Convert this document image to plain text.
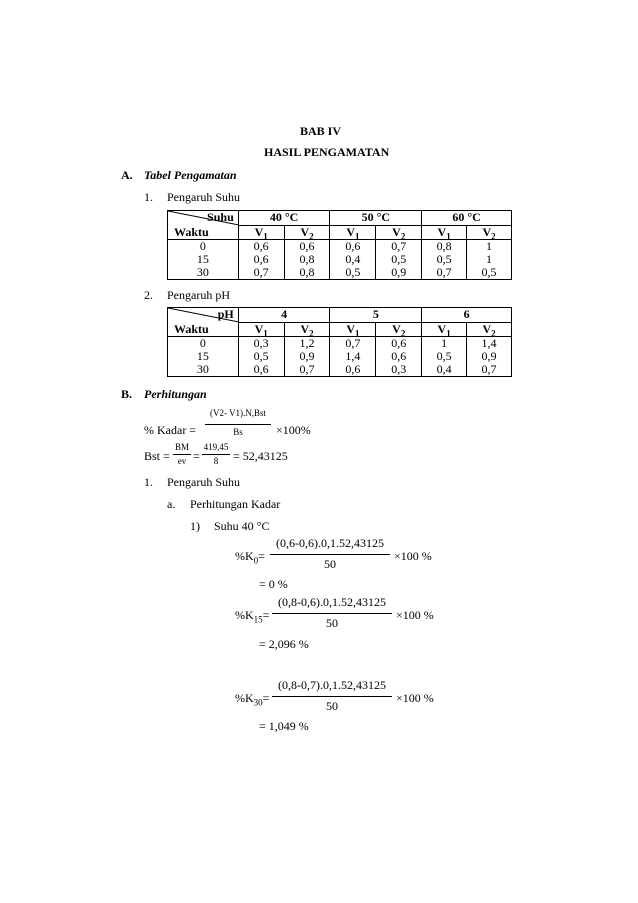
BAB IV
HASIL PENGAMATAN
A. Tabel Pengamatan
1. Pengaruh Suhu
Suhu
Waktu	40 °C		50 °C		60 °C	
	$V_1$	$V_2$	$V_1$	$V_2$	$V_1$	$V_2$
0	0,6	0,6	0,6	0,7	0,8	1
15	0,6	0,8	0,4	0,5	0,5	1
30	0,7	0,8	0,5	0,9	0,7	0,5
2. Pengaruh pH
pH
Waktu	4		5		6	
	$V_1$	$V_2$	$V_1$	$V_2$	$V_1$	$V_2$
0	0,3	1,2	0,7	0,6	1	1,4
15	0,5	0,9	1,4	0,6	0,5	0,9
30	0,6	0,7	0,6	0,3	0,4	0,7
B. Perhitungan
% Kadar =
(V2- V1).N,Bst
Bs	×100%
Bst =
BM
ev =
419,45
8	= 52,43125
1. Pengaruh Suhu
a. Perhitungan Kadar
1) Suhu 40 °C
$\%K_0=$
(0,6-0,6).0,1.52,43125
50
×100 %
= 0 %
$\%K_{15}=$
(0,8-0,6).0,1.52,43125
50
×100 %
= 2,096 %
$\%K_{30}=$
(0,8-0,7).0,1.52,43125
50
×100 %
= 1,049 %
